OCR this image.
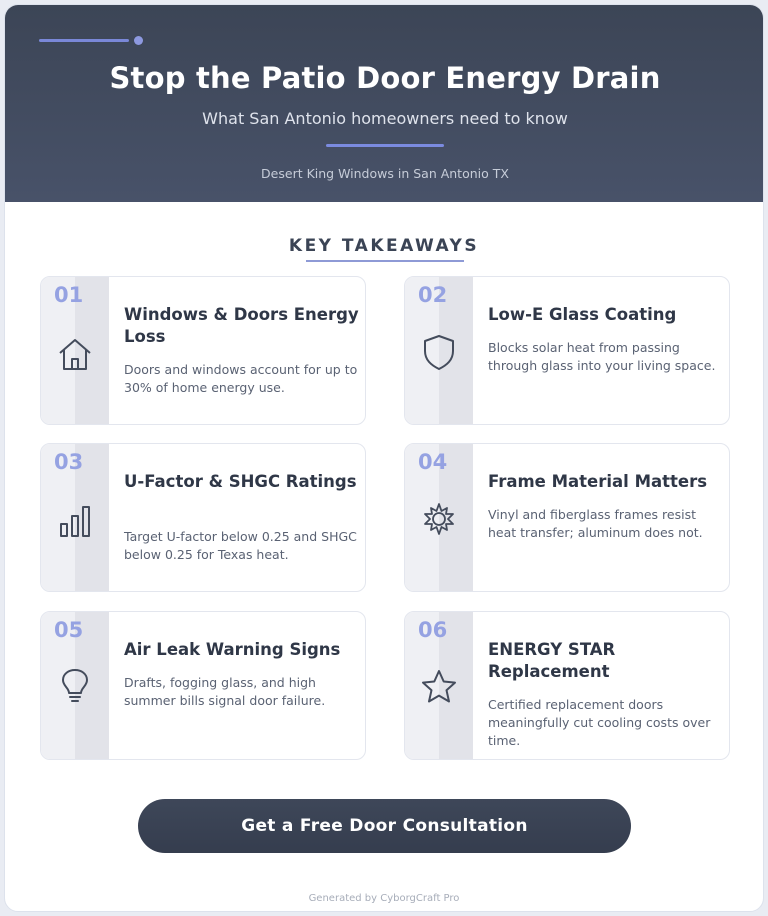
Stop the Patio Door Energy Drain
What San Antonio homeowners need to know
Desert King Windows in San Antonio TX
KEY TAKEAWAYS
01
Windows & Doors Energy Loss
Doors and windows account for up to 30% of home energy use.
02
Low-E Glass Coating
Blocks solar heat from passing through glass into your living space.
03
U-Factor & SHGC Ratings
Target U-factor below 0.25 and SHGC below 0.25 for Texas heat.
04
Frame Material Matters
Vinyl and fiberglass frames resist heat transfer; aluminum does not.
05
Air Leak Warning Signs
Drafts, fogging glass, and high summer bills signal door failure.
06
ENERGY STAR Replacement
Certified replacement doors meaningfully cut cooling costs over time.
Get a Free Door Consultation
Generated by CyborgCraft Pro
